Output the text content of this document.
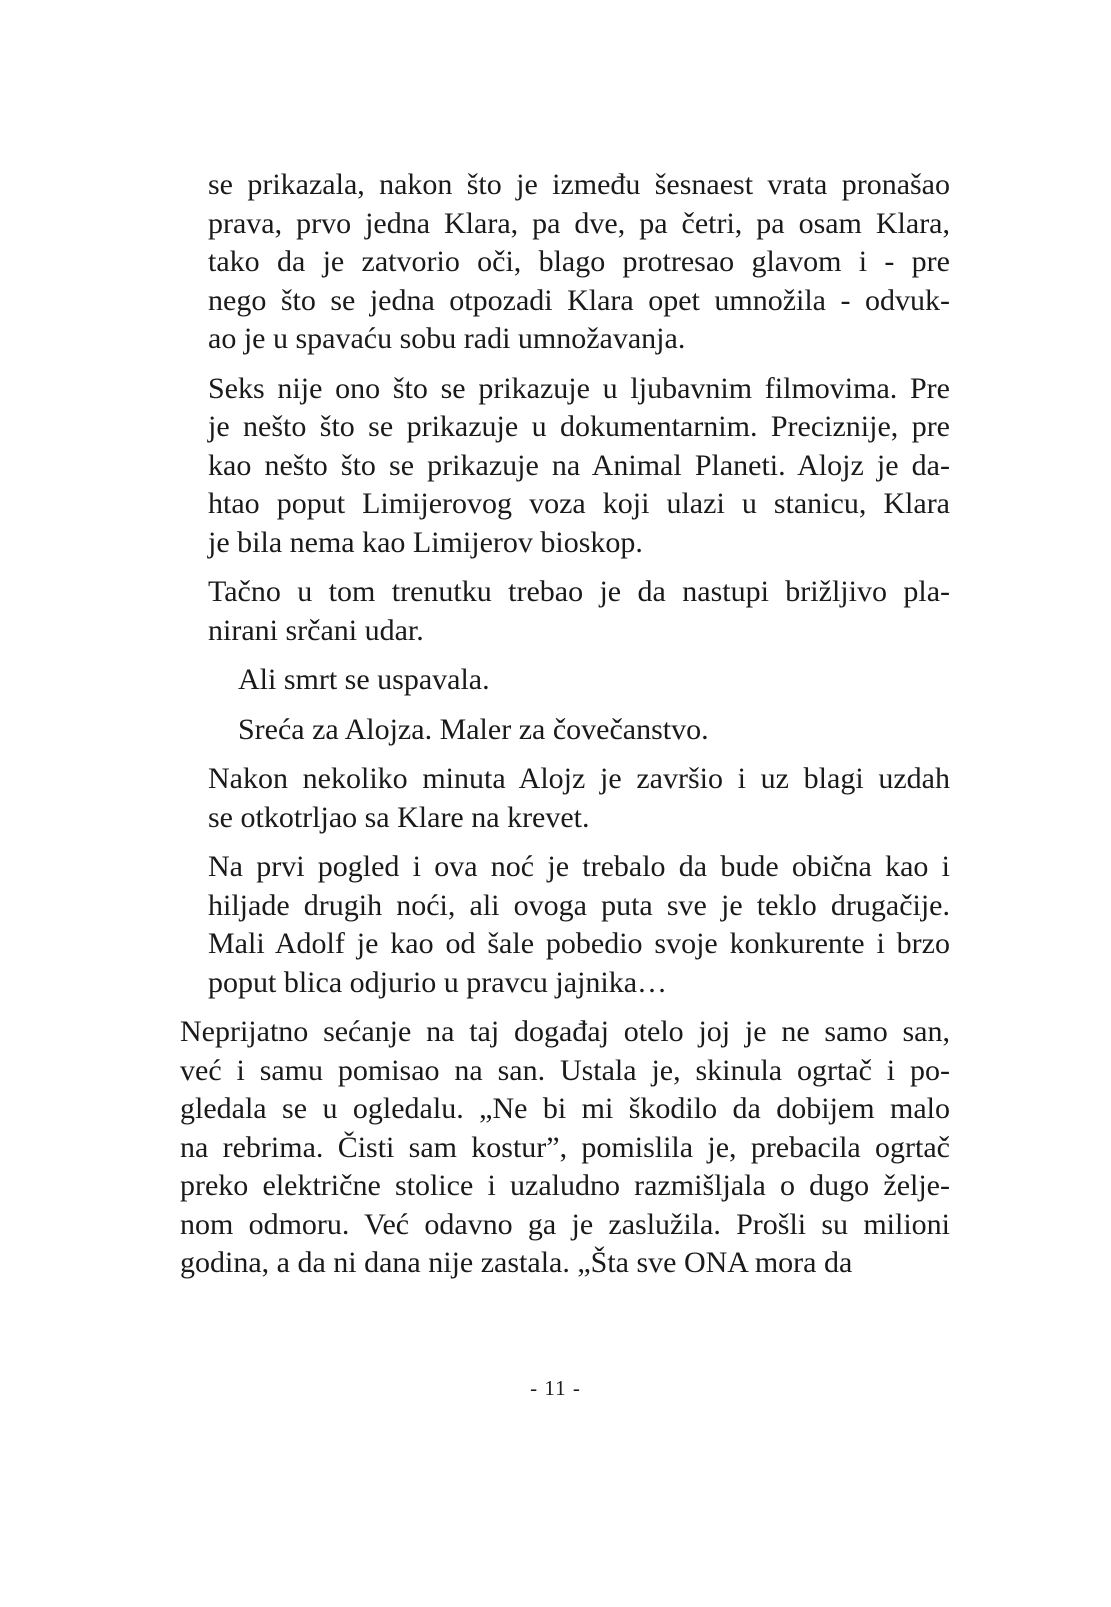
se prikazala, nakon što je između šesnaest vrata pronašao
prava, prvo jedna Klara, pa dve, pa četri, pa osam Klara,
tako da je zatvorio oči, blago protresao glavom i - pre
nego što se jedna otpozadi Klara opet umnožila - odvuk-
ao je u spavaću sobu radi umnožavanja.
Seks nije ono što se prikazuje u ljubavnim filmovima. Pre
je nešto što se prikazuje u dokumentarnim. Preciznije, pre
kao nešto što se prikazuje na Animal Planeti. Alojz je da-
htao poput Limijerovog voza koji ulazi u stanicu, Klara
je bila nema kao Limijerov bioskop.
Tačno u tom trenutku trebao je da nastupi brižljivo pla-
nirani srčani udar.
Ali smrt se uspavala.
Sreća za Alojza. Maler za čovečanstvo.
Nakon nekoliko minuta Alojz je završio i uz blagi uzdah
se otkotrljao sa Klare na krevet.
Na prvi pogled i ova noć je trebalo da bude obična kao i
hiljade drugih noći, ali ovoga puta sve je teklo drugačije.
Mali Adolf je kao od šale pobedio svoje konkurente i brzo
poput blica odjurio u pravcu jajnika…
Neprijatno sećanje na taj događaj otelo joj je ne samo san,
već i samu pomisao na san. Ustala je, skinula ogrtač i po-
gledala se u ogledalu. „Ne bi mi škodilo da dobijem malo
na rebrima. Čisti sam kostur”, pomislila je, prebacila ogrtač
preko električne stolice i uzaludno razmišljala o dugo želje-
nom odmoru. Već odavno ga je zaslužila. Prošli su milioni
godina, a da ni dana nije zastala. „Šta sve ONA mora da
- 11 -
